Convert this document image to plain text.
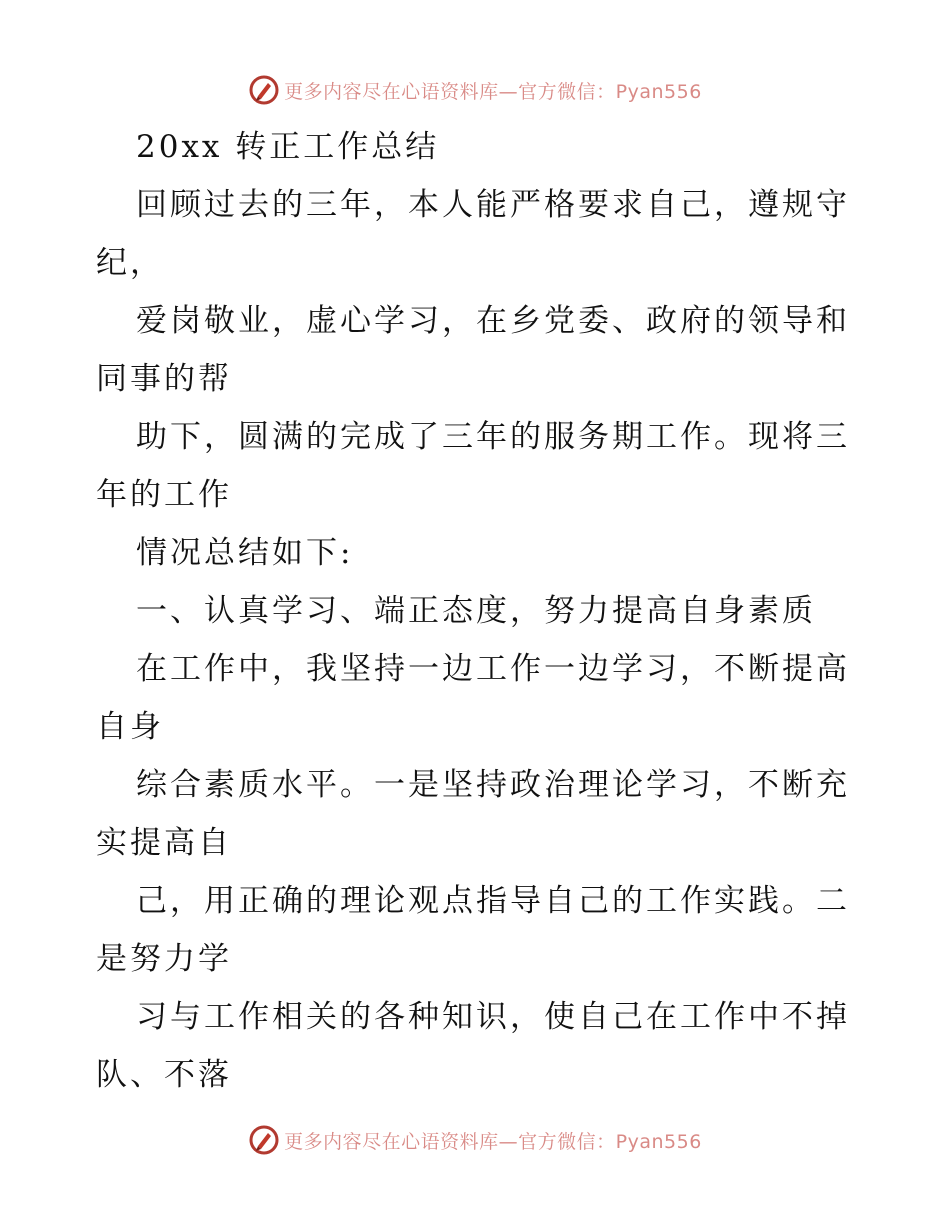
更多内容尽在心语资料库—官方微信：Pyan556
20xx 转正工作总结
回顾过去的三年，本人能严格要求自己，遵规守
纪，
爱岗敬业，虚心学习，在乡党委、政府的领导和
同事的帮
助下，圆满的完成了三年的服务期工作。现将三
年的工作
情况总结如下:
一、认真学习、端正态度，努力提高自身素质
在工作中，我坚持一边工作一边学习，不断提高
自身
综合素质水平。一是坚持政治理论学习，不断充
实提高自
己，用正确的理论观点指导自己的工作实践。二
是努力学
习与工作相关的各种知识，使自己在工作中不掉
队、不落
更多内容尽在心语资料库—官方微信：Pyan556
